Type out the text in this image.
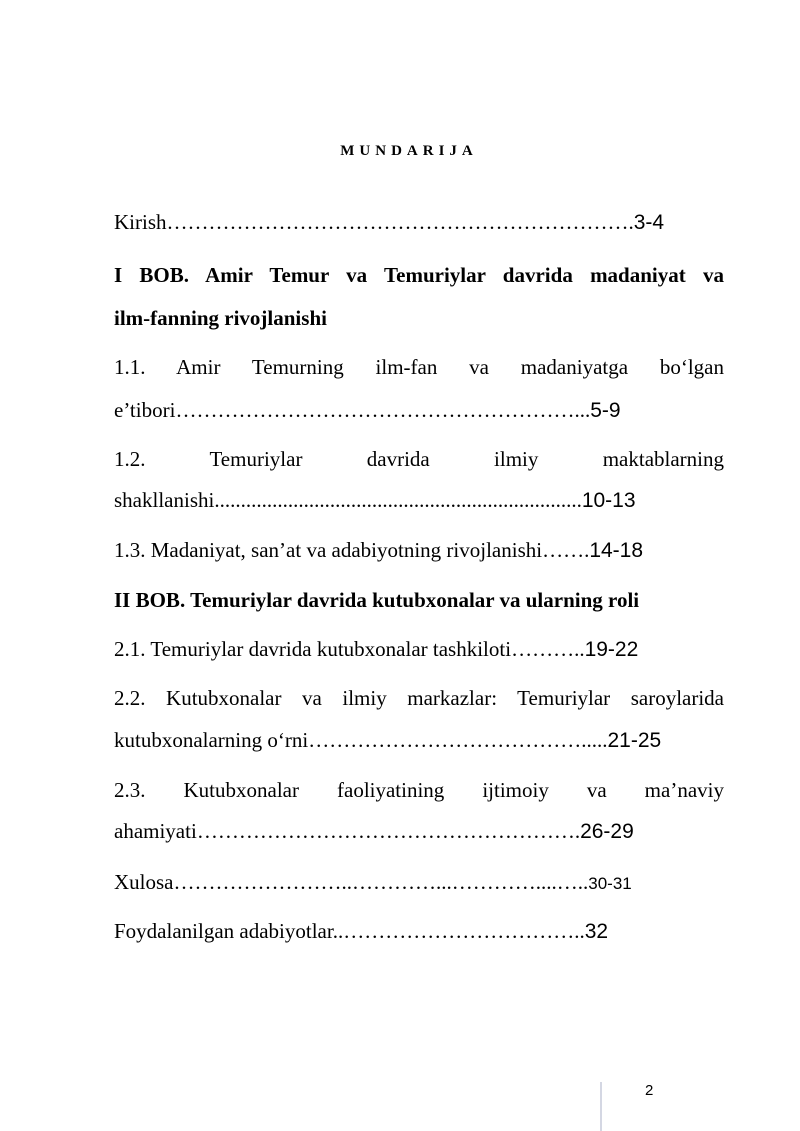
MUNDARIJA
Kirish………………………………………………………….3-4
I BOB. Amir Temur va Temuriylar davrida madaniyat va
ilm-fanning rivojlanishi
1.1. Amir Temurning ilm-fan va madaniyatga bo‘lgan
e’tibori…………………………………………………...5-9
1.2. Temuriylar davrida ilmiy maktablarning
shakllanishi......................................................................10-13
1.3. Madaniyat, san’at va adabiyotning rivojlanishi…….14-18
II BOB. Temuriylar davrida kutubxonalar va ularning roli
2.1. Temuriylar davrida kutubxonalar tashkiloti………..19-22
2.2. Kutubxonalar va ilmiy markazlar: Temuriylar saroylarida
kutubxonalarning o‘rni………………………………….....21-25
2.3. Kutubxonalar faoliyatining ijtimoiy va ma’naviy
ahamiyati……………………………………………….26-29
Xulosa……………………..…………...…………....…..30-31
Foydalanilgan adabiyotlar..……………………………..32
2
